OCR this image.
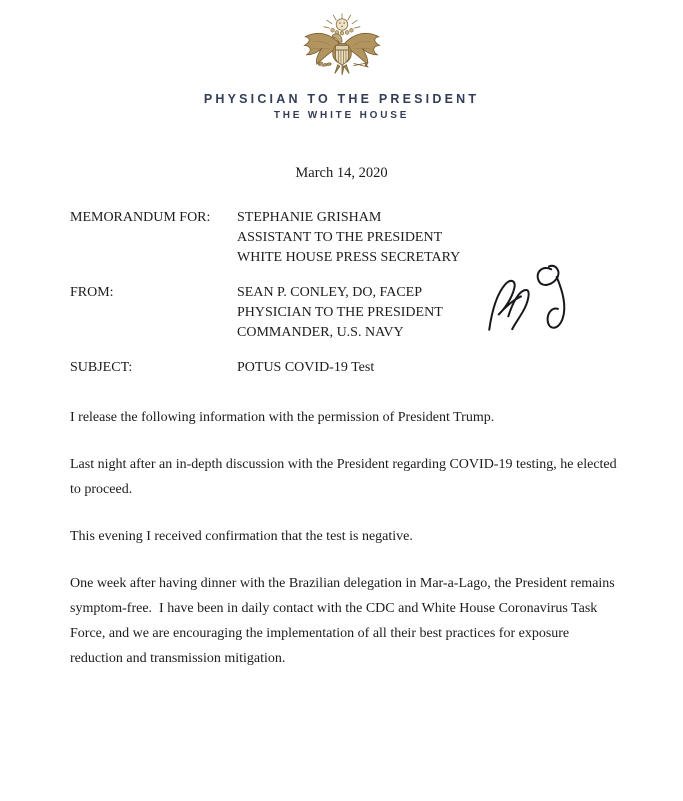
PHYSICIAN TO THE PRESIDENT
THE WHITE HOUSE
March 14, 2020
MEMORANDUM FOR:	STEPHANIE GRISHAM
ASSISTANT TO THE PRESIDENT
WHITE HOUSE PRESS SECRETARY
FROM:	SEAN P. CONLEY, DO, FACEP
PHYSICIAN TO THE PRESIDENT
COMMANDER, U.S. NAVY
SUBJECT:	POTUS COVID-19 Test

I release the following information with the permission of President Trump.

Last night after an in-depth discussion with the President regarding COVID-19 testing, he elected to proceed.

This evening I received confirmation that the test is negative.

One week after having dinner with the Brazilian delegation in Mar-a-Lago, the President remains symptom-free.  I have been in daily contact with the CDC and White House Coronavirus Task Force, and we are encouraging the implementation of all their best practices for exposure reduction and transmission mitigation.
